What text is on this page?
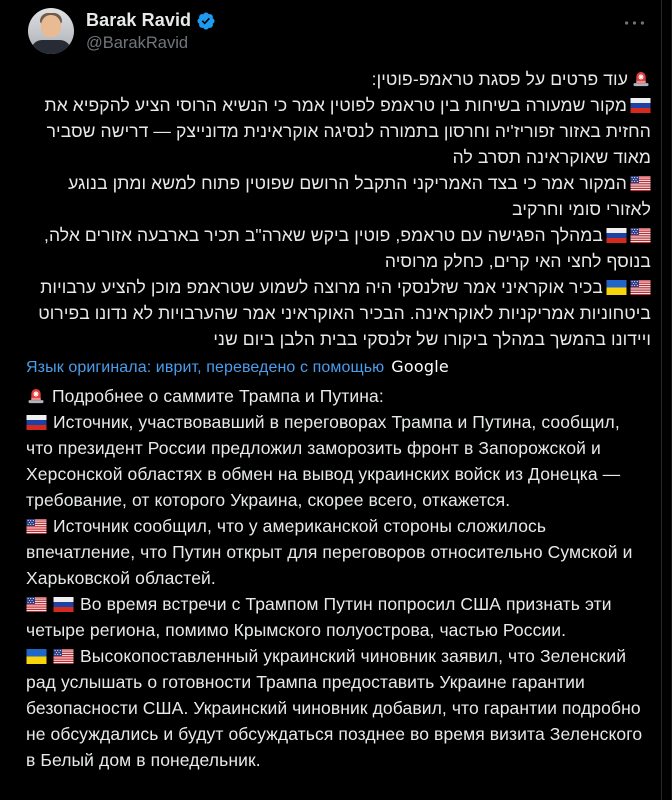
Barak Ravid
@BarakRavid
עוד פרטים על פסגת טראמפ-פוטין:
מקור שמעורה בשיחות בין טראמפ לפוטין אמר כי הנשיא הרוסי הציע להקפיא את החזית באזור זפוריז'יה וחרסון בתמורה לנסיגה אוקראינית מדונייצק — דרישה שסביר מאוד שאוקראינה תסרב לה
המקור אמר כי בצד האמריקני התקבל הרושם שפוטין פתוח למשא ומתן בנוגע לאזורי סומי וחרקיב
במהלך הפגישה עם טראמפ, פוטין ביקש שארה"ב תכיר בארבעה אזורים אלה, בנוסף לחצי האי קרים, כחלק מרוסיה
בכיר אוקראיני אמר שזלנסקי היה מרוצה לשמוע שטראמפ מוכן להציע ערבויות ביטחוניות אמריקניות לאוקראינה. הבכיר האוקראיני אמר שהערבויות לא נדונו בפירוט ויידונו בהמשך במהלך ביקורו של זלנסקי בבית הלבן ביום שני
Язык оригинала: иврит, переведено с помощью Google
Подробнее о саммите Трампа и Путина:
Источник, участвовавший в переговорах Трампа и Путина, сообщил, что президент России предложил заморозить фронт в Запорожской и Херсонской областях в обмен на вывод украинских войск из Донецка — требование, от которого Украина, скорее всего, откажется.
Источник сообщил, что у американской стороны сложилось впечатление, что Путин открыт для переговоров относительно Сумской и Харьковской областей.
Во время встречи с Трампом Путин попросил США признать эти четыре региона, помимо Крымского полуострова, частью России.
Высокопоставленный украинский чиновник заявил, что Зеленский рад услышать о готовности Трампа предоставить Украине гарантии безопасности США. Украинский чиновник добавил, что гарантии подробно не обсуждались и будут обсуждаться позднее во время визита Зеленского в Белый дом в понедельник.
